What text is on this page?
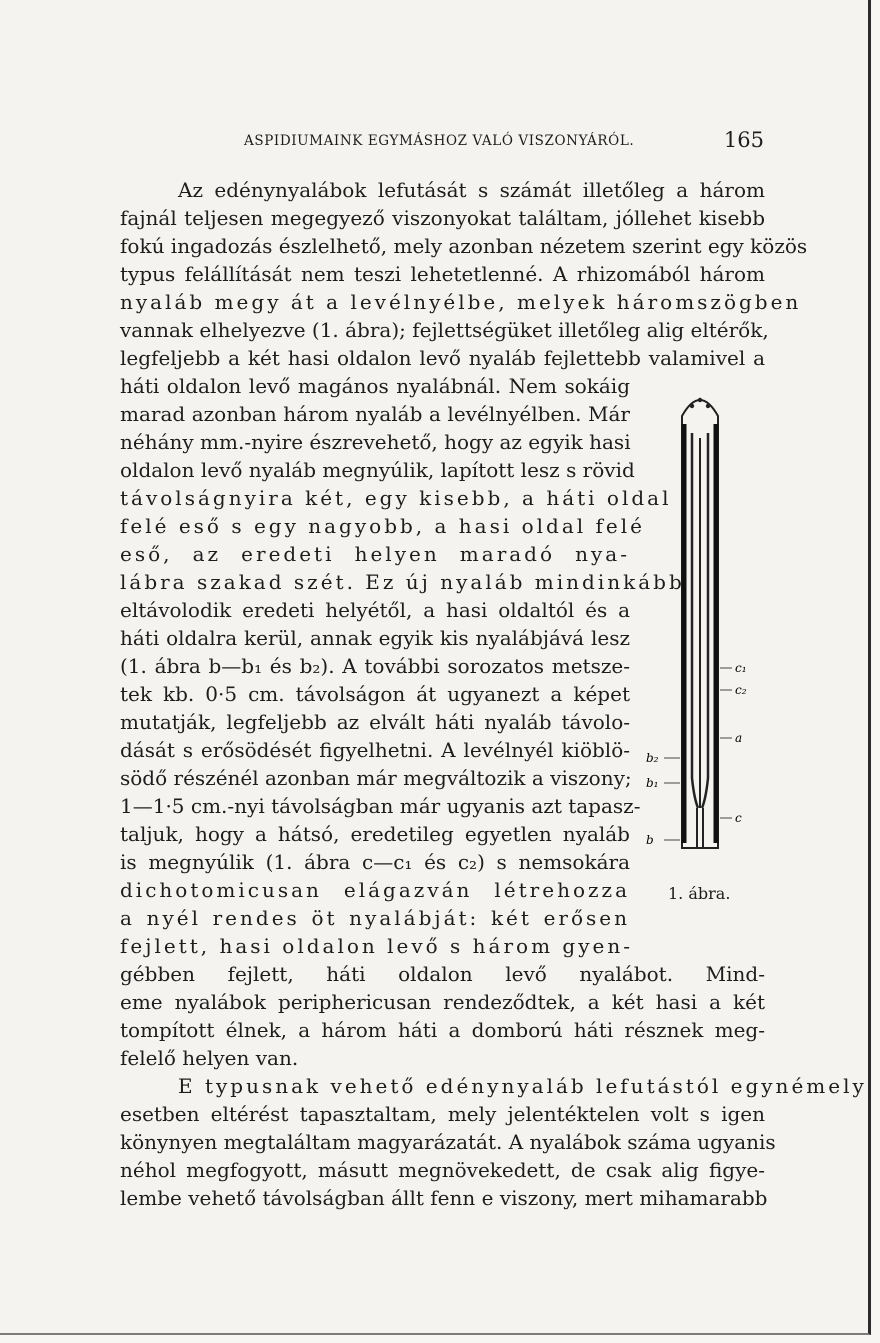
ASPIDIUMAINK EGYMÁSHOZ VALÓ VISZONYÁRÓL.	165
Az edénynyalábok lefutását s számát illetőleg a három
fajnál teljesen megegyező viszonyokat találtam, jóllehet kisebb
fokú ingadozás észlelhető, mely azonban nézetem szerint egy közös
typus felállítását nem teszi lehetetlenné. A rhizomából három
nyaláb megy át a levélnyélbe, melyek háromszögben
vannak elhelyezve (1. ábra); fejlettségüket illetőleg alig eltérők,
legfeljebb a két hasi oldalon levő nyaláb fejlettebb valamivel a
háti oldalon levő magános nyalábnál. Nem sokáig
marad azonban három nyaláb a levélnyélben. Már
néhány mm.-nyire észrevehető, hogy az egyik hasi
oldalon levő nyaláb megnyúlik, lapított lesz s rövid
távolságnyira két, egy kisebb, a háti oldal
felé eső s egy nagyobb, a hasi oldal felé
eső, az eredeti helyen maradó nya-
lábra szakad szét. Ez új nyaláb mindinkább
eltávolodik eredeti helyétől, a hasi oldaltól és a
háti oldalra kerül, annak egyik kis nyalábjává lesz
(1. ábra b—b₁ és b₂). A további sorozatos metsze-
tek kb. 0·5 cm. távolságon át ugyanezt a képet
mutatják, legfeljebb az elvált háti nyaláb távolo-
dását s erősödését figyelhetni. A levélnyél kiöblö-
södő részénél azonban már megváltozik a viszony;
1—1·5 cm.-nyi távolságban már ugyanis azt tapasz-
taljuk, hogy a hátsó, eredetileg egyetlen nyaláb
is megnyúlik (1. ábra c—c₁ és c₂) s nemsokára
dichotomicusan elágazván létrehozza
a nyél rendes öt nyalábját: két erősen
fejlett, hasi oldalon levő s három gyen-
gébben fejlett, háti oldalon levő nyalábot. Mind-
eme nyalábok periphericusan rendeződtek, a két hasi a két
tompított élnek, a három háti a domború háti résznek meg-
felelő helyen van.
E typusnak vehető edénynyaláb lefutástól egynémely
esetben eltérést tapasztaltam, mely jelentéktelen volt s igen
könynyen megtaláltam magyarázatát. A nyalábok száma ugyanis
néhol megfogyott, másutt megnövekedett, de csak alig figye-
lembe vehető távolságban állt fenn e viszony, mert mihamarabb
c₁
c₂
a
b₂
b₁
c
b
1. ábra.
